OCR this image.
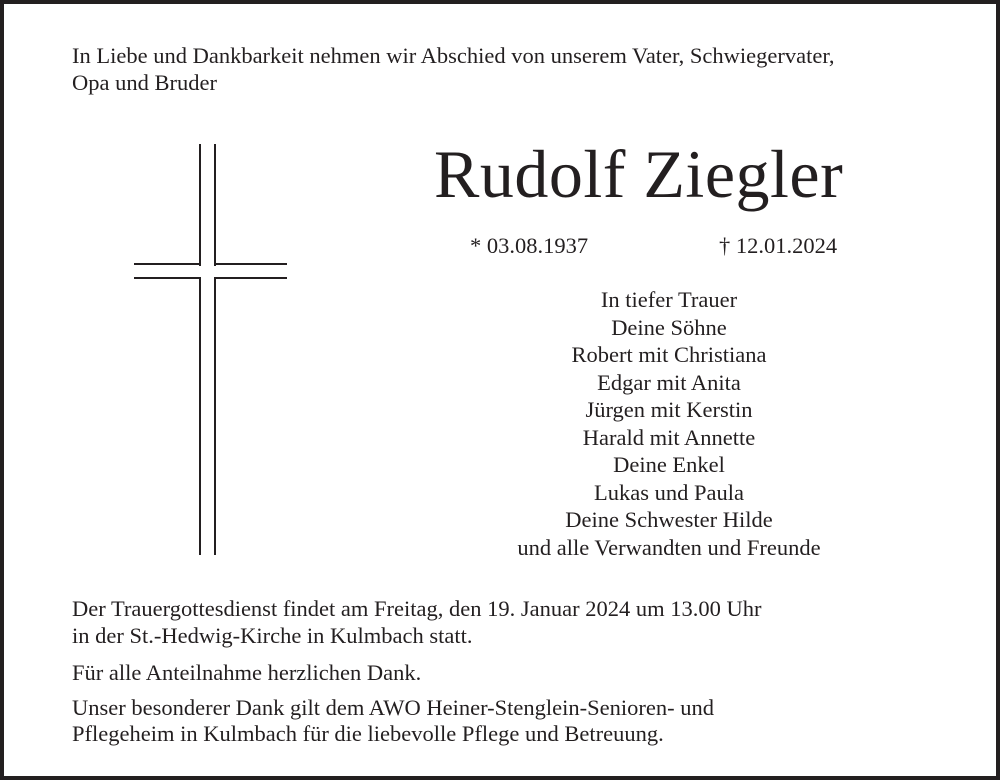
In Liebe und Dankbarkeit nehmen wir Abschied von unserem Vater, Schwiegervater,
Opa und Bruder
Rudolf Ziegler
* 03.08.1937	† 12.01.2024
In tiefer Trauer
Deine Söhne
Robert mit Christiana
Edgar mit Anita
Jürgen mit Kerstin
Harald mit Annette
Deine Enkel
Lukas und Paula
Deine Schwester Hilde
und alle Verwandten und Freunde
Der Trauergottesdienst findet am Freitag, den 19. Januar 2024 um 13.00 Uhr
in der St.-Hedwig-Kirche in Kulmbach statt.
Für alle Anteilnahme herzlichen Dank.
Unser besonderer Dank gilt dem AWO Heiner-Stenglein-Senioren- und
Pflegeheim in Kulmbach für die liebevolle Pflege und Betreuung.
